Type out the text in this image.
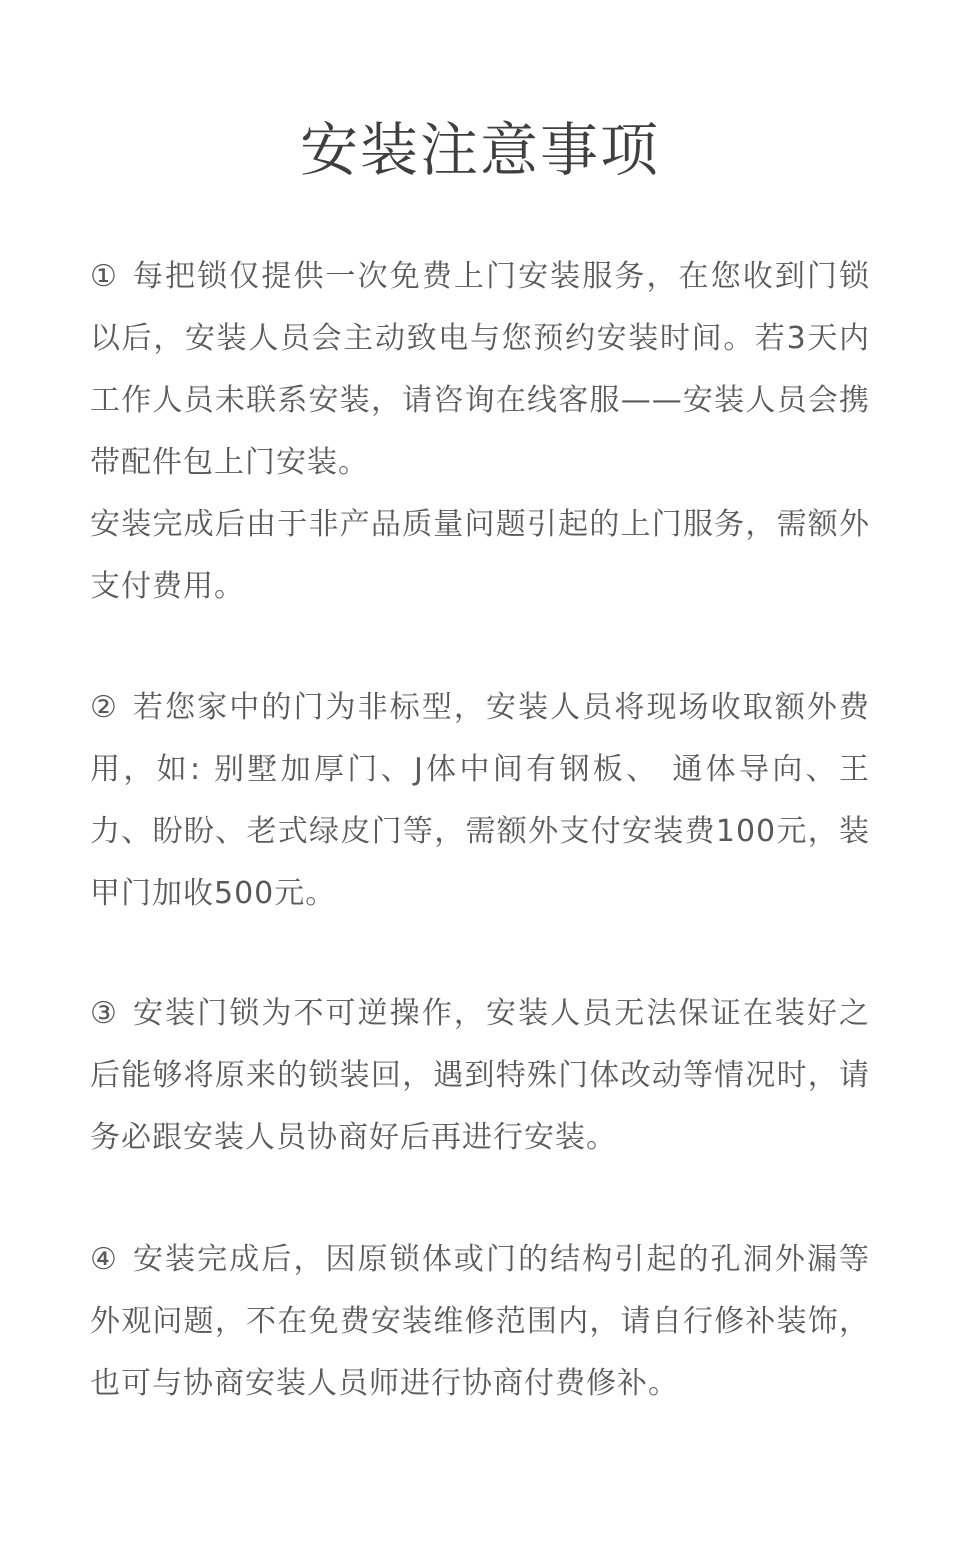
安装注意事项

① 每把锁仅提供一次免费上门安装服务，在您收到门锁以后，安装人员会主动致电与您预约安装时间。若3天内工作人员未联系安装，请咨询在线客服——安装人员会携带配件包上门安装。

安装完成后由于非产品质量问题引起的上门服务，需额外支付费用。

② 若您家中的门为非标型，安装人员将现场收取额外费用，如: 别墅加厚门、J体中间有钢板、 通体导向、王力、盼盼、老式绿皮门等，需额外支付安装费100元，装甲门加收500元。

③ 安装门锁为不可逆操作，安装人员无法保证在装好之后能够将原来的锁装回，遇到特殊门体改动等情况时，请务必跟安装人员协商好后再进行安装。

④ 安装完成后，因原锁体或门的结构引起的孔洞外漏等外观问题，不在免费安装维修范围内，请自行修补装饰，也可与协商安装人员师进行协商付费修补。
